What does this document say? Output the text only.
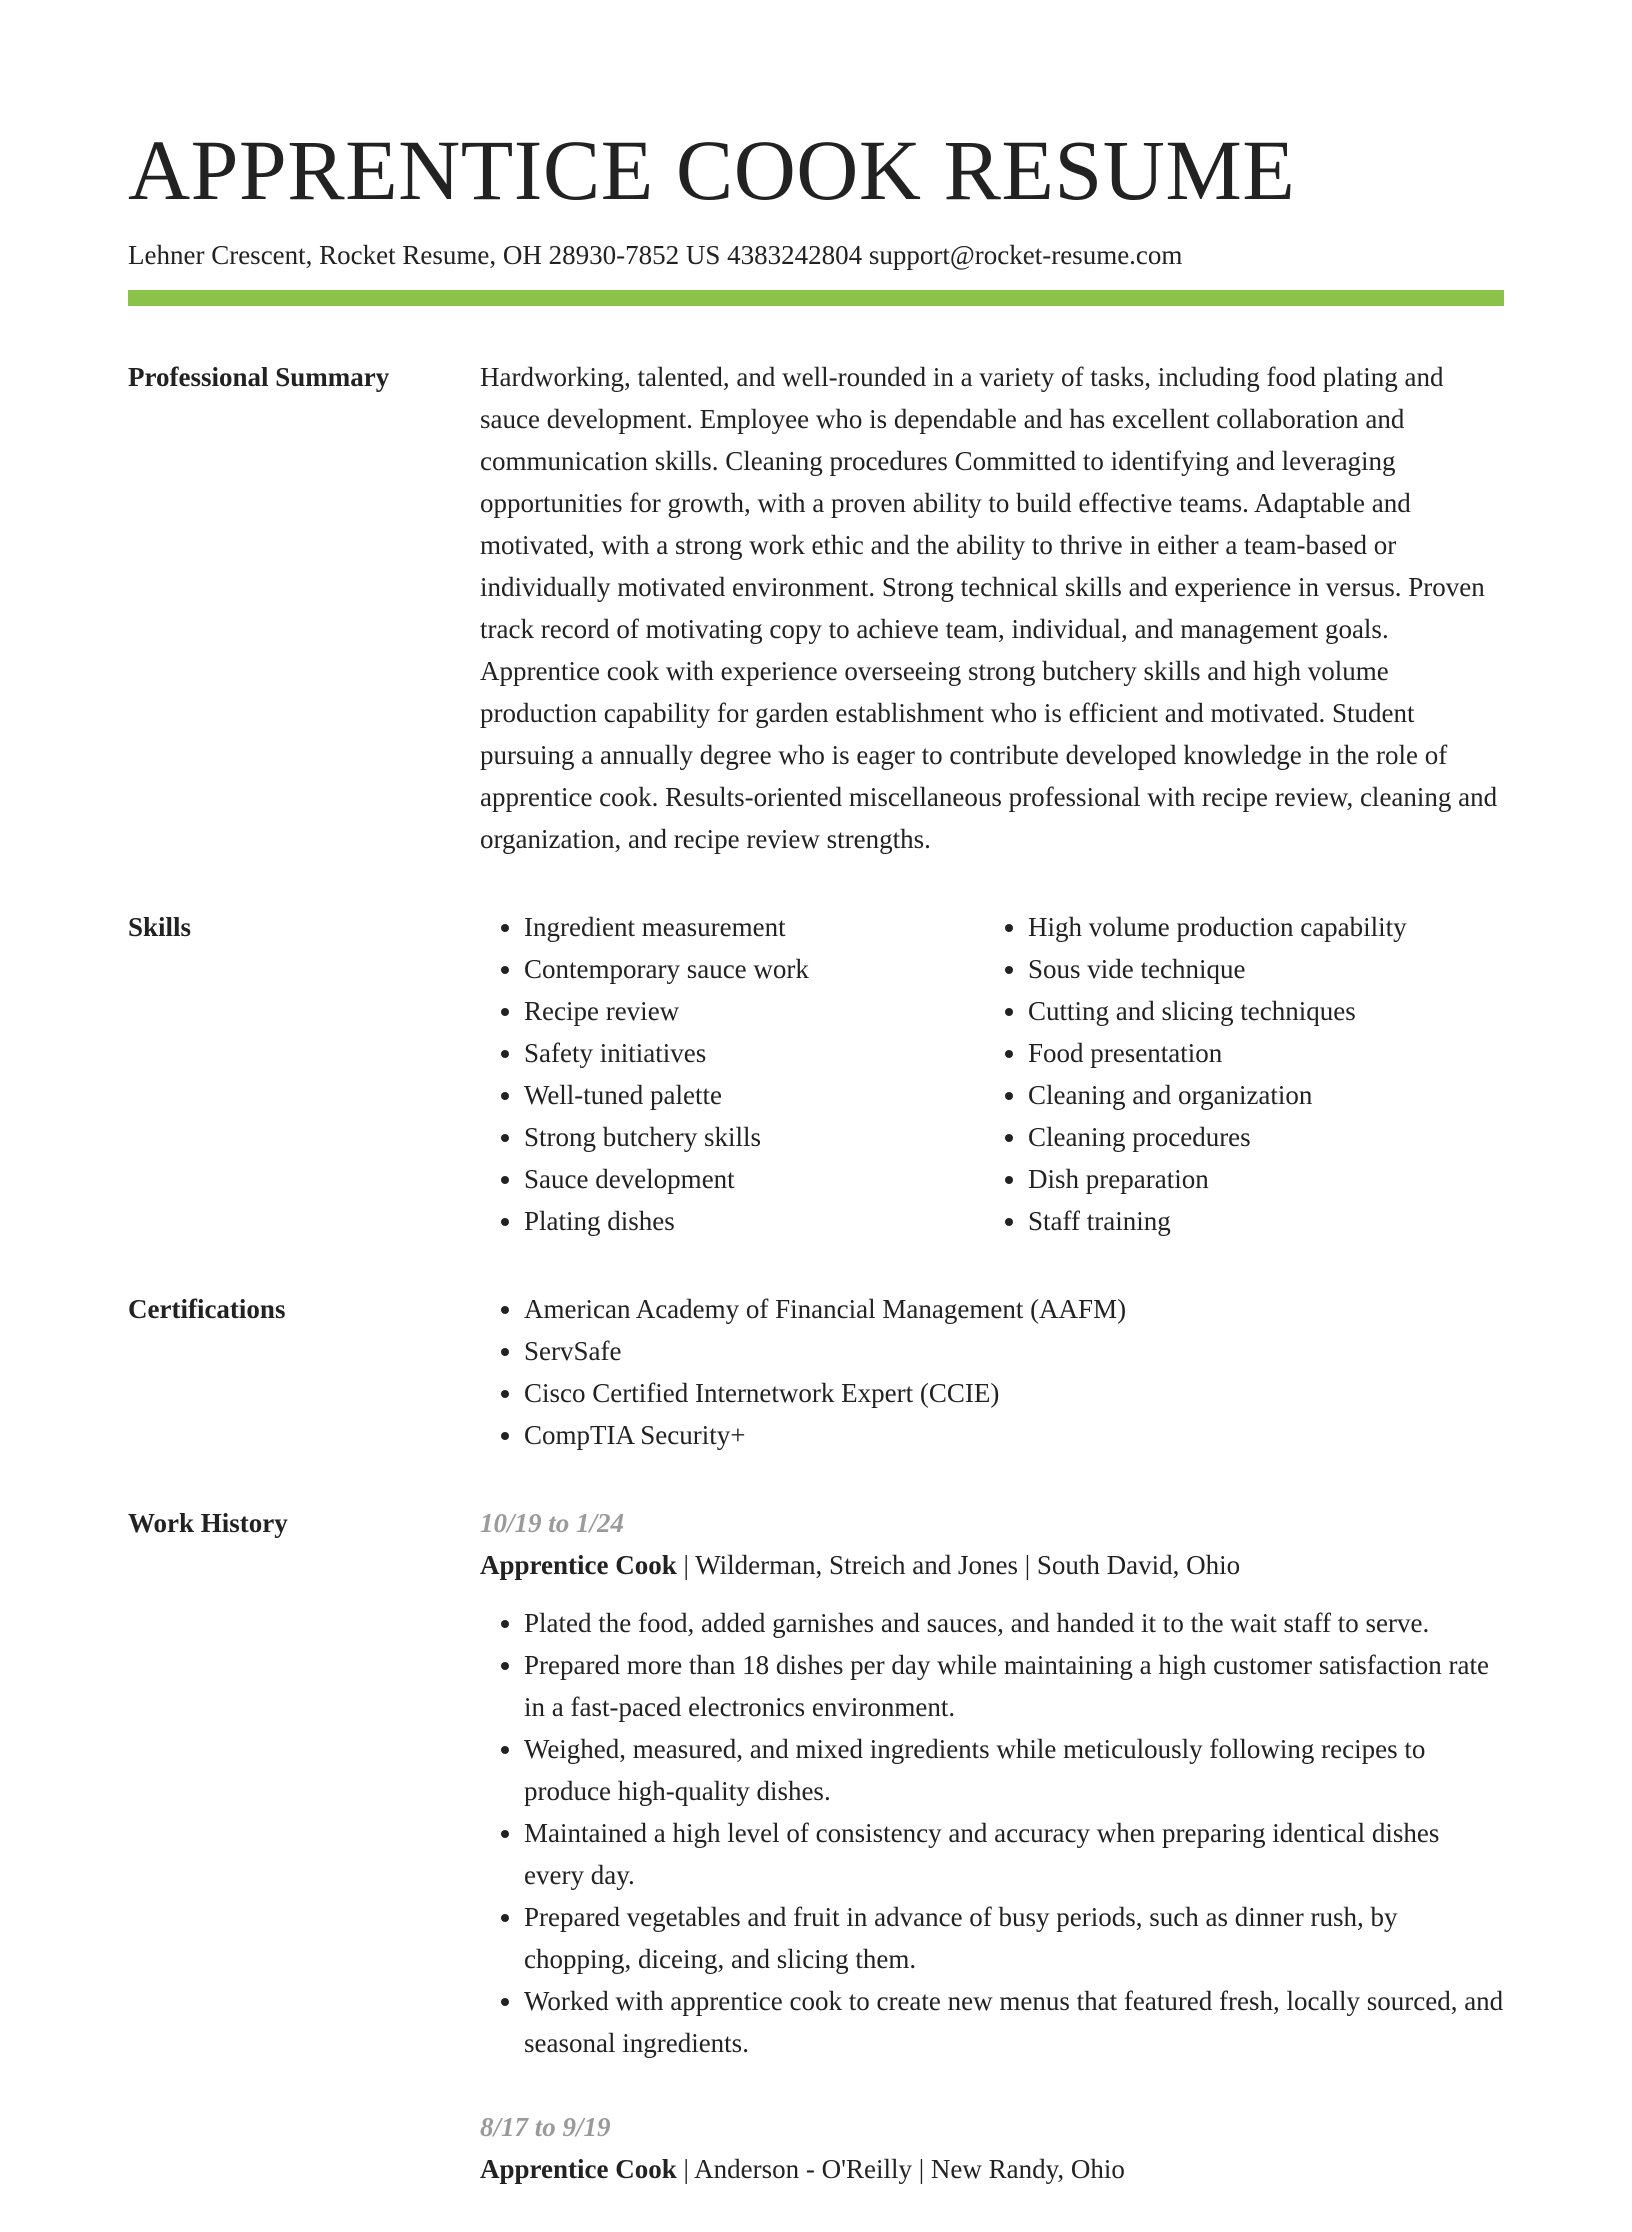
APPRENTICE COOK RESUME
Lehner Crescent, Rocket Resume, OH 28930-7852 US 4383242804 support@rocket-resume.com
Professional Summary	Hardworking, talented, and well-rounded in a variety of tasks, including food plating and sauce development. Employee who is dependable and has excellent collaboration and communication skills. Cleaning procedures Committed to identifying and leveraging opportunities for growth, with a proven ability to build effective teams. Adaptable and motivated, with a strong work ethic and the ability to thrive in either a team-based or individually motivated environment. Strong technical skills and experience in versus. Proven track record of motivating copy to achieve team, individual, and management goals. Apprentice cook with experience overseeing strong butchery skills and high volume production capability for garden establishment who is efficient and motivated. Student pursuing a annually degree who is eager to contribute developed knowledge in the role of apprentice cook. Results-oriented miscellaneous professional with recipe review, cleaning and organization, and recipe review strengths.

Skills	• Ingredient measurement
• Contemporary sauce work
• Recipe review
• Safety initiatives
• Well-tuned palette
• Strong butchery skills
• Sauce development
• Plating dishes
• High volume production capability
• Sous vide technique
• Cutting and slicing techniques
• Food presentation
• Cleaning and organization
• Cleaning procedures
• Dish preparation
• Staff training
Certifications	• American Academy of Financial Management (AAFM)
• ServSafe
• Cisco Certified Internetwork Expert (CCIE)
• CompTIA Security+
Work History	10/19 to 1/24
Apprentice Cook | Wilderman, Streich and Jones | South David, Ohio
• Plated the food, added garnishes and sauces, and handed it to the wait staff to serve.
• Prepared more than 18 dishes per day while maintaining a high customer satisfaction rate in a fast-paced electronics environment.
• Weighed, measured, and mixed ingredients while meticulously following recipes to produce high-quality dishes.
• Maintained a high level of consistency and accuracy when preparing identical dishes every day.
• Prepared vegetables and fruit in advance of busy periods, such as dinner rush, by chopping, diceing, and slicing them.
• Worked with apprentice cook to create new menus that featured fresh, locally sourced, and seasonal ingredients.
8/17 to 9/19
Apprentice Cook | Anderson - O'Reilly | New Randy, Ohio
